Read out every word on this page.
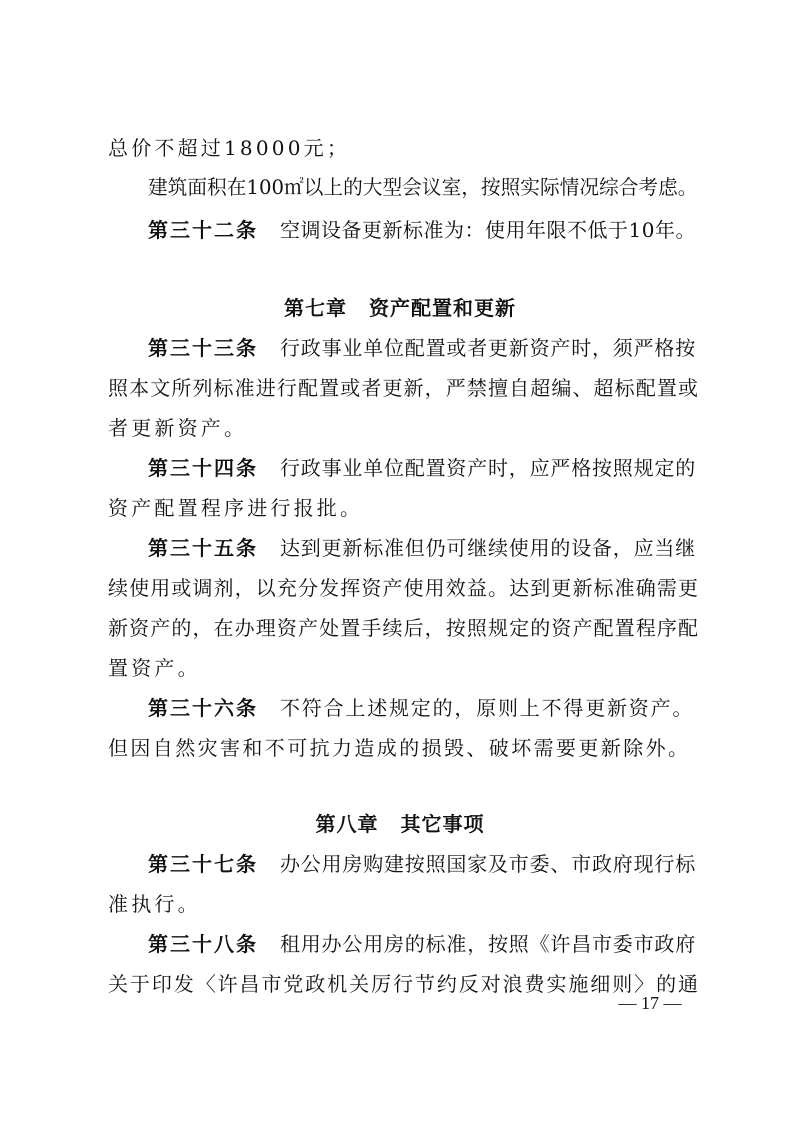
总价不超过18000元；
建筑面积在100㎡以上的大型会议室，按照实际情况综合考虑。
第三十二条 空调设备更新标准为：使用年限不低于10年。
第七章 资产配置和更新
第三十三条 行政事业单位配置或者更新资产时，须严格按
照本文所列标准进行配置或者更新，严禁擅自超编、超标配置或
者更新资产。
第三十四条 行政事业单位配置资产时，应严格按照规定的
资产配置程序进行报批。
第三十五条 达到更新标准但仍可继续使用的设备，应当继
续使用或调剂，以充分发挥资产使用效益。达到更新标准确需更
新资产的，在办理资产处置手续后，按照规定的资产配置程序配
置资产。
第三十六条 不符合上述规定的，原则上不得更新资产。
但因自然灾害和不可抗力造成的损毁、破坏需要更新除外。
第八章 其它事项
第三十七条 办公用房购建按照国家及市委、市政府现行标
准执行。
第三十八条 租用办公用房的标准，按照《许昌市委市政府
关于印发〈许昌市党政机关厉行节约反对浪费实施细则〉的通
— 17 —
